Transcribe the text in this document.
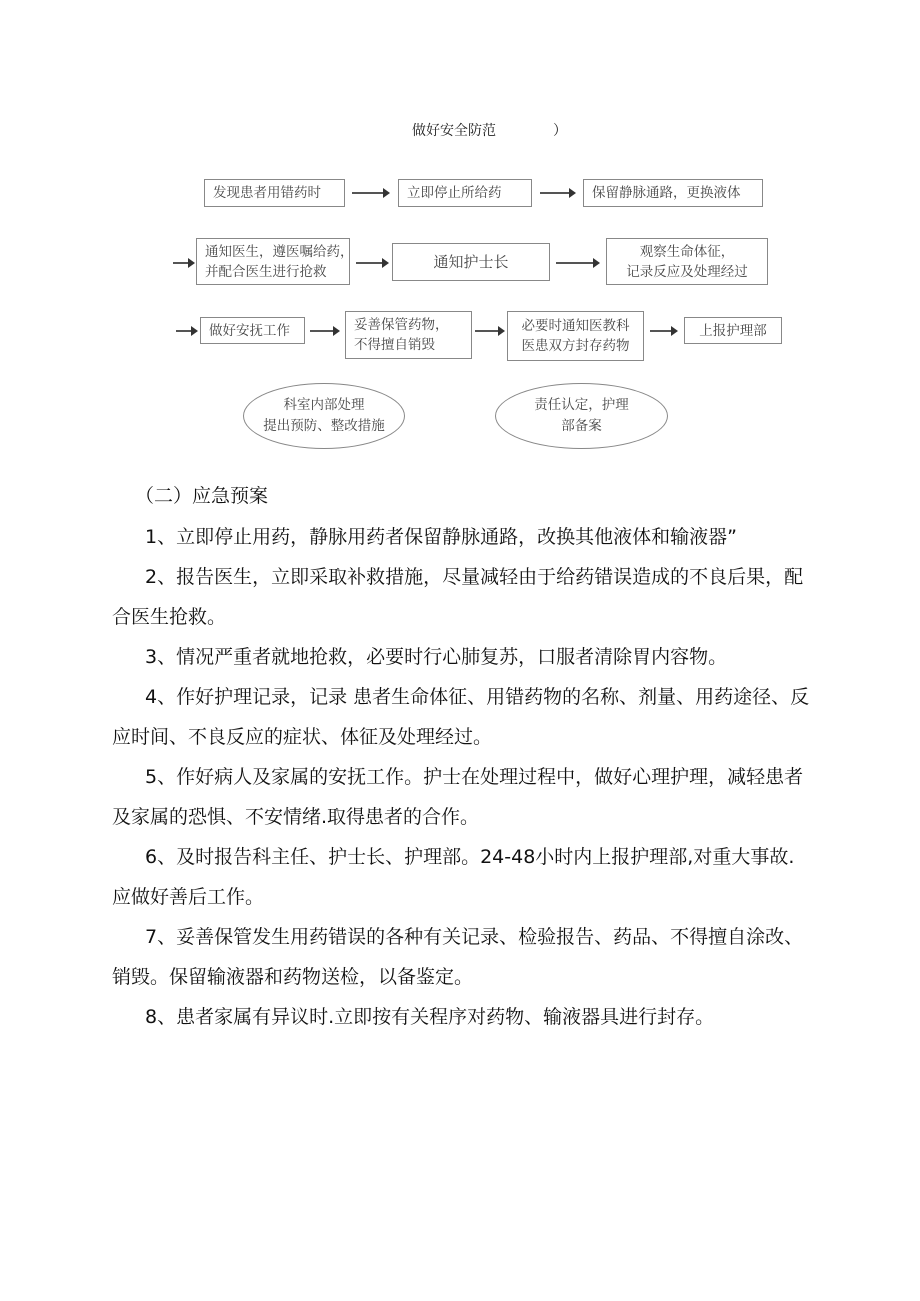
做好安全防范	）
发现患者用错药时	立即停止所给药	保留静脉通路，更换液体
通知医生，遵医嘱给药，
并配合医生进行抢救
通知护士长
观察生命体征，
记录反应及处理经过
做好安抚工作	妥善保管药物，
不得擅自销毁
必要时通知医教科
医患双方封存药物
上报护理部
科室内部处理
提出预防、整改措施
责任认定，护理
部备案
（二）应急预案
1、立即停止用药，静脉用药者保留静脉通路，改换其他液体和输液器”
2、报告医生，立即采取补救措施，尽量减轻由于给药错误造成的不良后果，配合医生抢救。
3、情况严重者就地抢救，必要时行心肺复苏，口服者清除胃内容物。
4、作好护理记录，记录 患者生命体征、用错药物的名称、剂量、用药途径、反应时间、不良反应的症状、体征及处理经过。
5、作好病人及家属的安抚工作。护士在处理过程中，做好心理护理，减轻患者及家属的恐惧、不安情绪.取得患者的合作。
6、及时报告科主任、护士长、护理部。24-48小时内上报护理部,对重大事故.应做好善后工作。
7、妥善保管发生用药错误的各种有关记录、检验报告、药品、不得擅自涂改、销毁。保留输液器和药物送检，以备鉴定。
8、患者家属有异议时.立即按有关程序对药物、输液器具进行封存。
